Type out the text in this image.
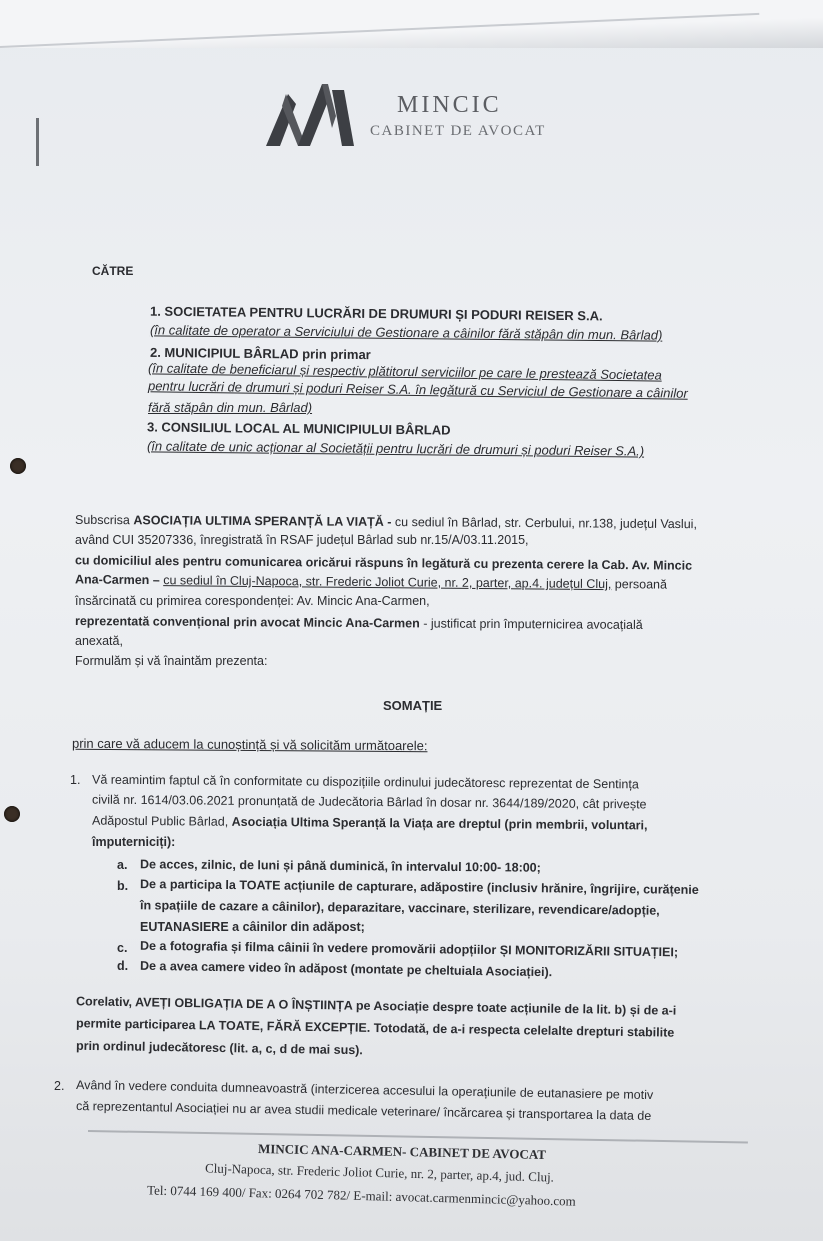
MINCIC
CABINET DE AVOCAT
CĂTRE
1. SOCIETATEA PENTRU LUCRĂRI DE DRUMURI ȘI PODURI REISER S.A.
(în calitate de operator a Serviciului de Gestionare a câinilor fără stăpân din mun. Bârlad)
2. MUNICIPIUL BÂRLAD prin primar
(în calitate de beneficiarul și respectiv plătitorul serviciilor pe care le prestează Societatea
pentru lucrări de drumuri și poduri Reiser S.A. în legătură cu Serviciul de Gestionare a câinilor
fără stăpân din mun. Bârlad)
3. CONSILIUL LOCAL AL MUNICIPIULUI BÂRLAD
(în calitate de unic acționar al Societății pentru lucrări de drumuri și poduri Reiser S.A.)
Subscrisa ASOCIAȚIA ULTIMA SPERANȚĂ LA VIAȚĂ - cu sediul în Bârlad, str. Cerbului, nr.138, județul Vaslui,
având CUI 35207336, înregistrată în RSAF județul Bârlad sub nr.15/A/03.11.2015,
cu domiciliul ales pentru comunicarea oricărui răspuns în legătură cu prezenta cerere la Cab. Av. Mincic
Ana-Carmen – cu sediul în Cluj-Napoca, str. Frederic Joliot Curie, nr. 2, parter, ap.4. județul Cluj, persoană
însărcinată cu primirea corespondenței: Av. Mincic Ana-Carmen,
reprezentată convențional prin avocat Mincic Ana-Carmen - justificat prin împuternicirea avocațială
anexată,
Formulăm și vă înaintăm prezenta:
SOMAȚIE
prin care vă aducem la cunoștință și vă solicităm următoarele:
1. Vă reamintim faptul că în conformitate cu dispozițiile ordinului judecătoresc reprezentat de Sentința
civilă nr. 1614/03.06.2021 pronunțată de Judecătoria Bârlad în dosar nr. 3644/189/2020, cât privește
Adăpostul Public Bârlad, Asociația Ultima Speranță la Viața are dreptul (prin membrii, voluntari,
împuterniciți):
a. De acces, zilnic, de luni și până duminică, în intervalul 10:00- 18:00;
b. De a participa la TOATE acțiunile de capturare, adăpostire (inclusiv hrănire, îngrijire, curățenie
în spațiile de cazare a câinilor), deparazitare, vaccinare, sterilizare, revendicare/adopție,
EUTANASIERE a câinilor din adăpost;
c. De a fotografia și filma câinii în vedere promovării adopțiilor ȘI MONITORIZĂRII SITUAȚIEI;
d. De a avea camere video în adăpost (montate pe cheltuiala Asociației).
Corelativ, AVEȚI OBLIGAȚIA DE A O ÎNȘTIINȚA pe Asociație despre toate acțiunile de la lit. b) și de a-i
permite participarea LA TOATE, FĂRĂ EXCEPȚIE. Totodată, de a-i respecta celelalte drepturi stabilite
prin ordinul judecătoresc (lit. a, c, d de mai sus).
2. Având în vedere conduita dumneavoastră (interzicerea accesului la operațiunile de eutanasiere pe motiv
că reprezentantul Asociației nu ar avea studii medicale veterinare/ încărcarea și transportarea la data de
MINCIC ANA-CARMEN- CABINET DE AVOCAT
Cluj-Napoca, str. Frederic Joliot Curie, nr. 2, parter, ap.4, jud. Cluj.
Tel: 0744 169 400/ Fax: 0264 702 782/ E-mail: avocat.carmenmincic@yahoo.com
